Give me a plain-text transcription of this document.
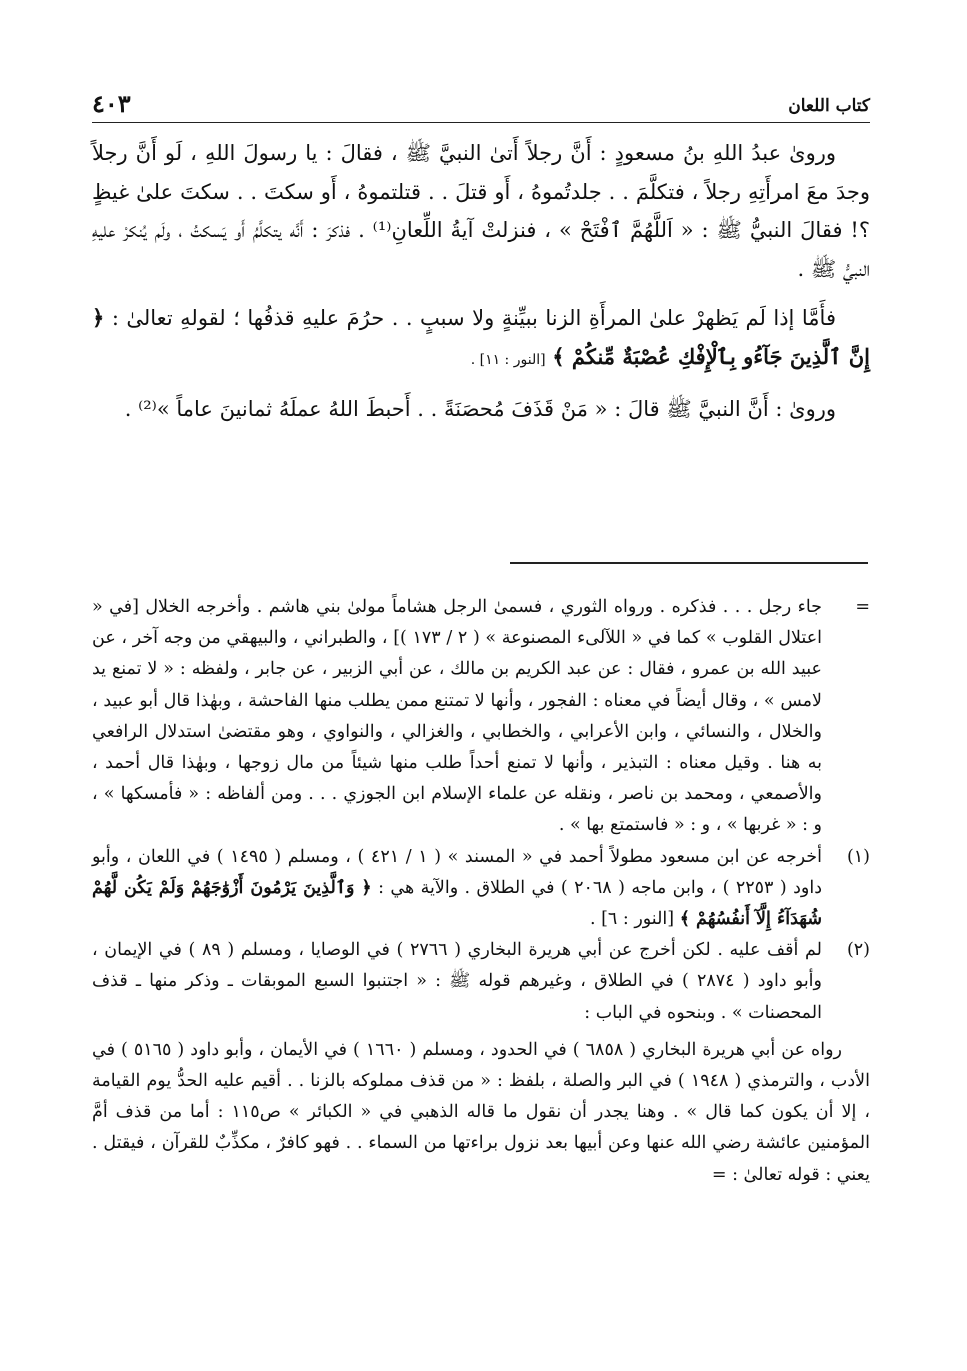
كتاب اللعان
٤٠٣

وروىٰ عبدُ اللهِ بنُ مسعودٍ : أَنَّ رجلاً أَتىٰ النبيَّ ﷺ ، فقالَ : يا رسولَ اللهِ ، لَو أَنَّ رجلاً وجدَ معَ امرأَتِهِ رجلاً ، فتكلَّمَ . . جلدتُموهُ ، أَو قتلَ . . قتلتموهُ ، أَو سكتَ . . سكتَ علىٰ غيظٍ ؟! فقالَ النبيُّ ﷺ : « اَللَّهُمَّ ٱفْتَحْ » ، فنزلتْ آيةُ اللِّعانِ⁽¹⁾ . فذكرَ : أَنَّه يتكلَّمُ أَو يَسكتُ ، ولَم يُنكرْ عليهِ النبيُّ ﷺ .

فأَمَّا إذا لَم يَظهرْ علىٰ المرأَةِ الزنا ببيِّنةٍ ولا سببٍ . . حرُمَ عليهِ قذفُها ؛ لقولهِ تعالىٰ : ﴿ إِنَّ ٱلَّذِينَ جَآءُو بِٱلْإِفْكِ عُصْبَةٌ مِّنكُمْ ﴾ [النور : ١١] .

وروىٰ : أَنَّ النبيَّ ﷺ قالَ : « مَنْ قَذَفَ مُحصَنَةً . . أَحبطَ اللهُ عملَهُ ثمانينَ عاماً »⁽²⁾ .

=
جاء رجل . . . فذكره . ورواه الثوري ، فسمىٰ الرجل هشاماً مولىٰ بني هاشم . وأخرجه الخلال [في « اعتلال القلوب » كما في « اللآلىء المصنوعة » ( ٢ / ١٧٣ )] ، والطبراني ، والبيهقي من وجه آخر ، عن عبيد الله بن عمرو ، فقال : عن عبد الكريم بن مالك ، عن أبي الزبير ، عن جابر ، ولفظه : « لا تمنع يد لامس » ، وقال أيضاً في معناه : الفجور ، وأنها لا تمتنع ممن يطلب منها الفاحشة ، وبهٰذا قال أبو عبيد ، والخلال ، والنسائي ، وابن الأعرابي ، والخطابي ، والغزالي ، والنواوي ، وهو مقتضىٰ استدلال الرافعي به هنا . وقيل معناه : التبذير ، وأنها لا تمنع أحداً طلب منها شيئاً من مال زوجها ، وبهٰذا قال أحمد ، والأصمعي ، ومحمد بن ناصر ، ونقله عن علماء الإسلام ابن الجوزي . . . ومن ألفاظه : « فأمسكها » ، و : « غربها » ، و : « فاستمتع بها » .
(١)
أخرجه عن ابن مسعود مطولاً أحمد في « المسند » ( ١ / ٤٢١ ) ، ومسلم ( ١٤٩٥ ) في اللعان ، وأبو داود ( ٢٢٥٣ ) ، وابن ماجه ( ٢٠٦٨ ) في الطلاق . والآية هي : ﴿ وَٱلَّذِينَ يَرْمُونَ أَزْوَٰجَهُمْ وَلَمْ يَكُن لَّهُمْ شُهَدَآءُ إِلَّآ أَنفُسُهُمْ ﴾ [النور : ٦] .
(٢)
لم أقف عليه . لكن أخرج عن أبي هريرة البخاري ( ٢٧٦٦ ) في الوصايا ، ومسلم ( ٨٩ ) في الإيمان ، وأبو داود ( ٢٨٧٤ ) في الطلاق ، وغيرهم قوله ﷺ : « اجتنبوا السبع الموبقات ـ وذكر منها ـ قذف المحصنات » . وبنحوه في الباب :

رواه عن أبي هريرة البخاري ( ٦٨٥٨ ) في الحدود ، ومسلم ( ١٦٦٠ ) في الأيمان ، وأبو داود ( ٥١٦٥ ) في الأدب ، والترمذي ( ١٩٤٨ ) في البر والصلة ، بلفظ : « من قذف مملوكه بالزنا . . أقيم عليه الحدُّ يوم القيامة ، إلا أن يكون كما قال » . وهنا يجدر أن نقول ما قاله الذهبي في « الكبائر » ص١١٥ : أما من قذف أمَّ المؤمنين عائشة رضي الله عنها وعن أبيها بعد نزول براءتها من السماء . . فهو كافرٌ ، مكذِّبٌ للقرآن ، فيقتل . يعني : قوله تعالىٰ : =
